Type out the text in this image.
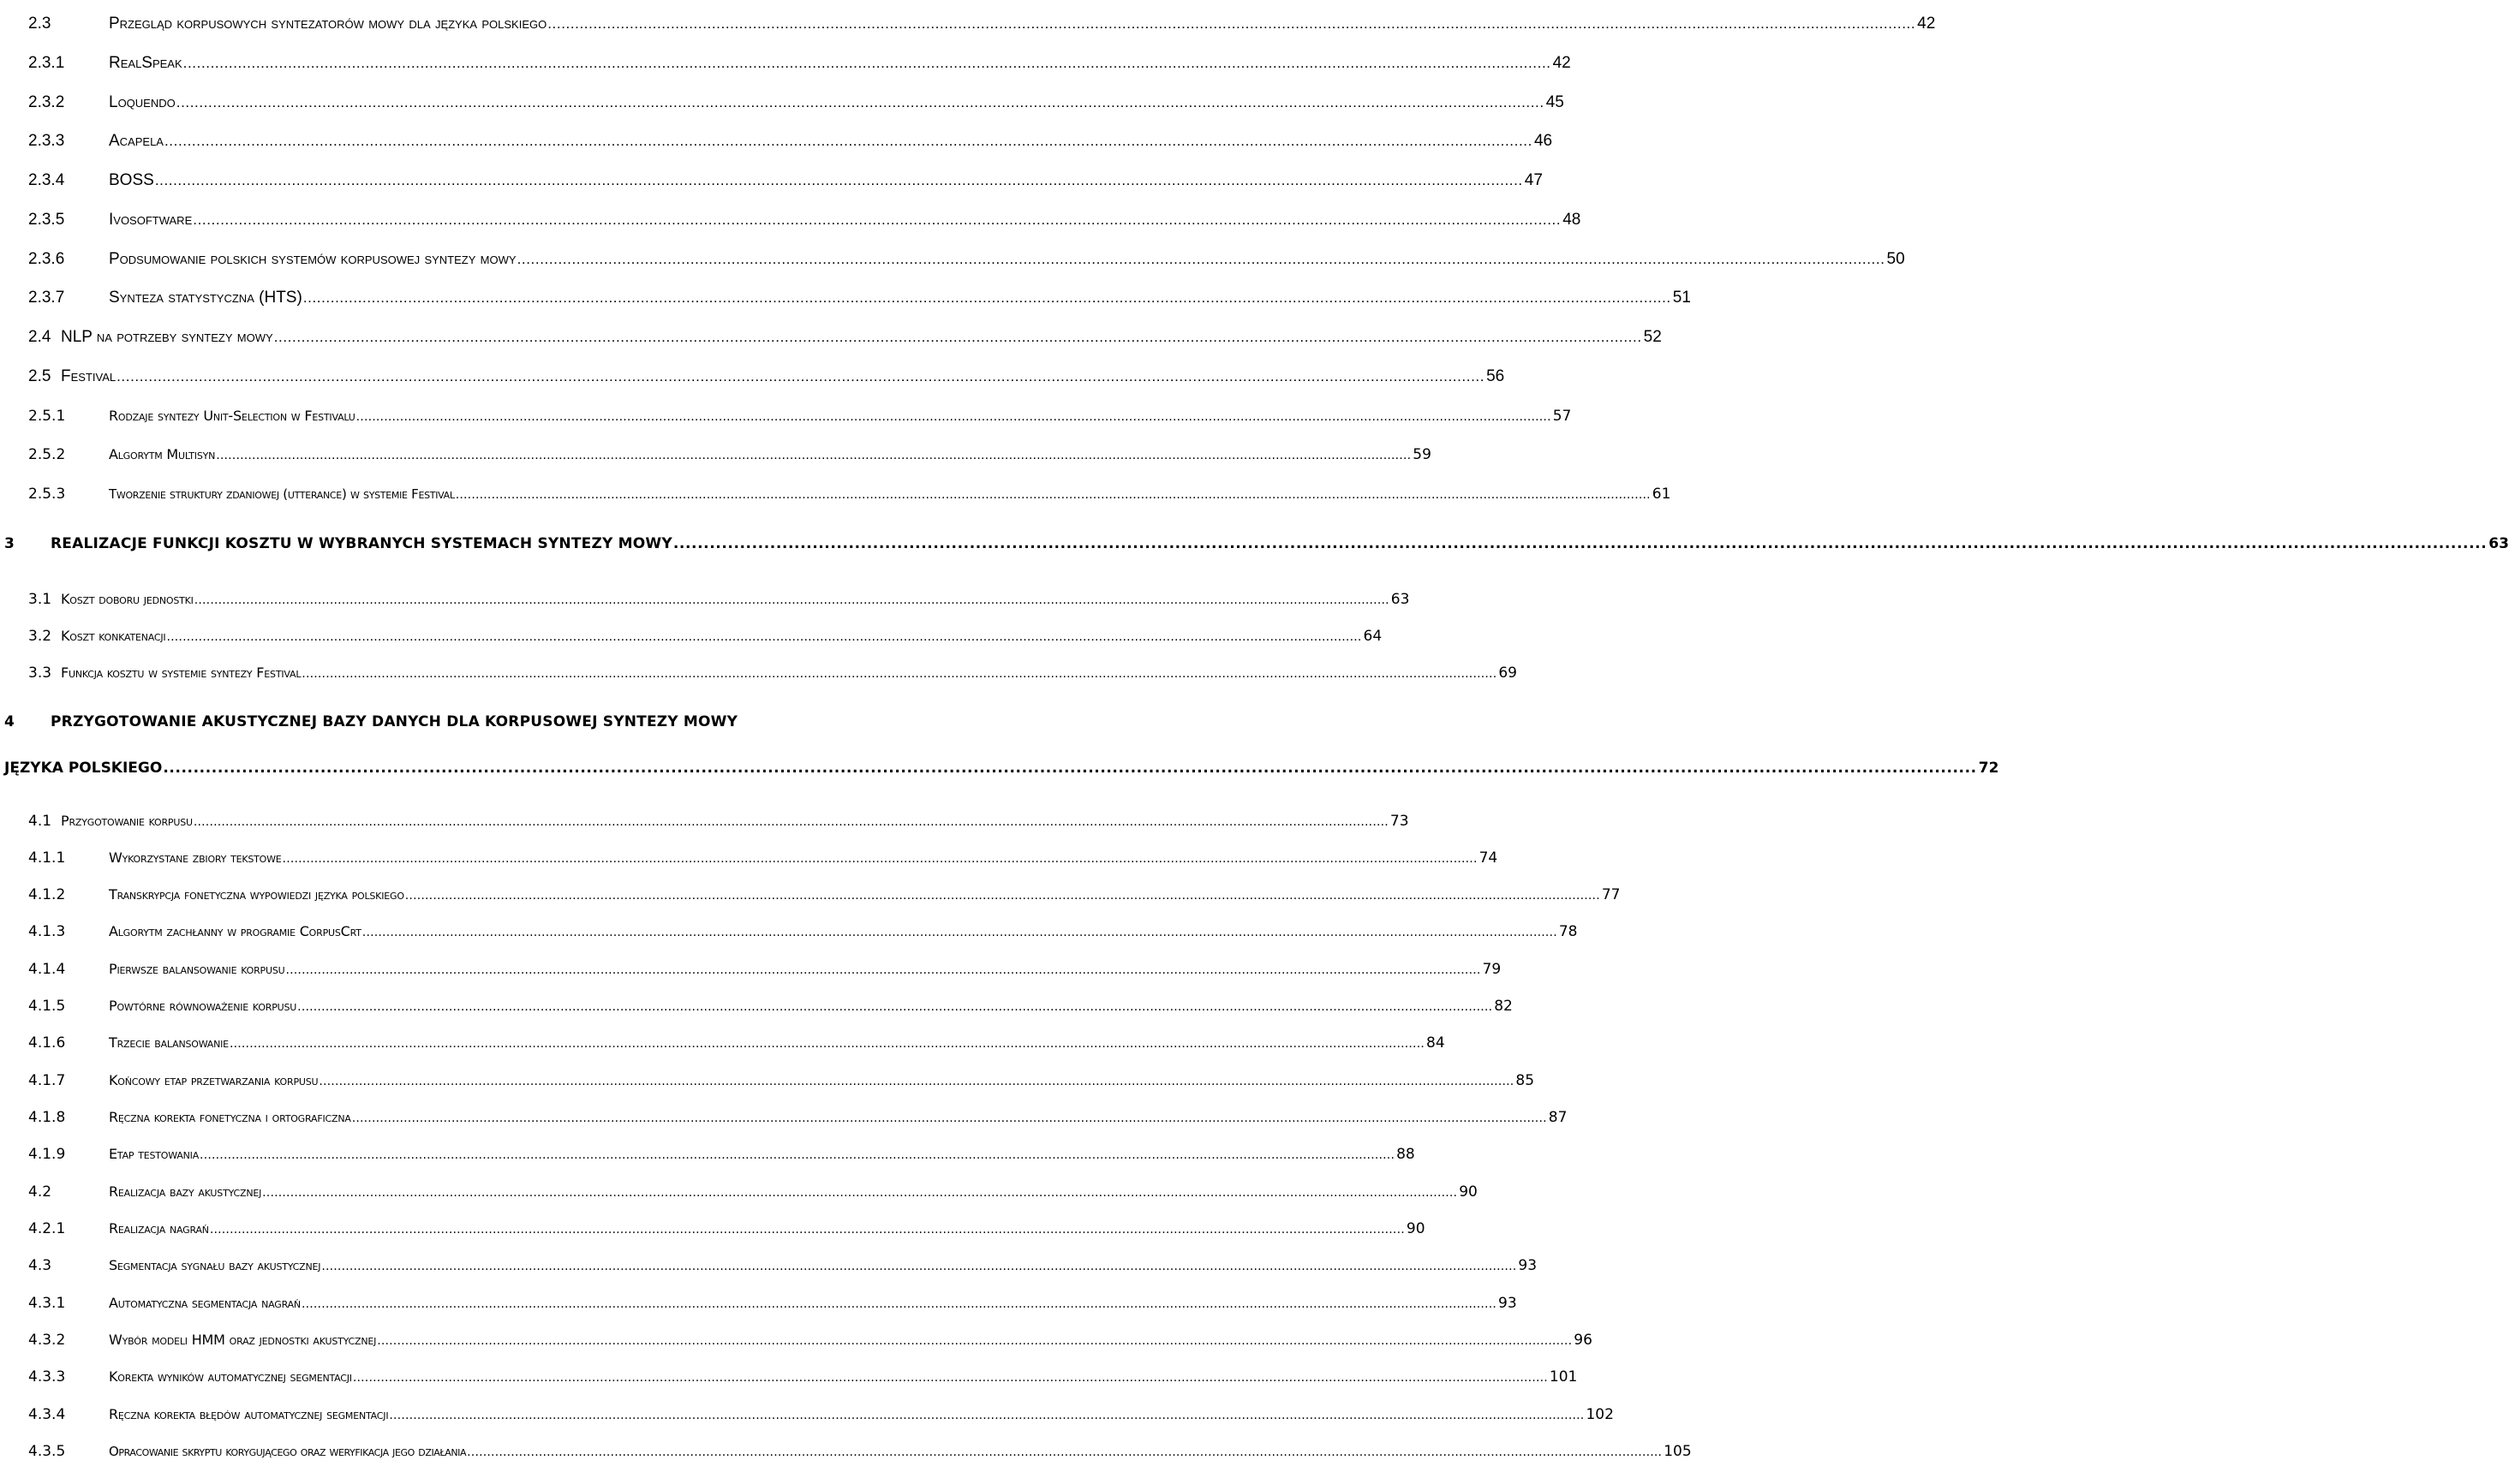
2.3	Przegląd korpusowych syntezatorów mowy dla języka polskiego ............................................................................................................................................................................................................................................................................................................ 42
2.3.1	RealSpeak ............................................................................................................................................................................................................................................................................................................ 42
2.3.2	Loquendo ............................................................................................................................................................................................................................................................................................................ 45
2.3.3	Acapela ............................................................................................................................................................................................................................................................................................................ 46
2.3.4	BOSS ............................................................................................................................................................................................................................................................................................................ 47
2.3.5	Ivosoftware ............................................................................................................................................................................................................................................................................................................ 48
2.3.6	Podsumowanie polskich systemów korpusowej syntezy mowy ............................................................................................................................................................................................................................................................................................................ 50
2.3.7	Synteza statystyczna (HTS) ............................................................................................................................................................................................................................................................................................................ 51
2.4 NLP na potrzeby syntezy mowy ............................................................................................................................................................................................................................................................................................................ 52
2.5 Festival ............................................................................................................................................................................................................................................................................................................ 56
2.5.1	Rodzaje syntezy Unit-Selection w Festivalu ............................................................................................................................................................................................................................................................................................................ 57
2.5.2	Algorytm Multisyn ............................................................................................................................................................................................................................................................................................................ 59
2.5.3	Tworzenie struktury zdaniowej (utterance) w systemie Festival ............................................................................................................................................................................................................................................................................................................ 61
3 REALIZACJE FUNKCJI KOSZTU W WYBRANYCH SYSTEMACH SYNTEZY MOWY ............................................................................................................................................................................................................................................................................................................ 63
3.1 Koszt doboru jednostki ............................................................................................................................................................................................................................................................................................................ 63
3.2 Koszt konkatenacji ............................................................................................................................................................................................................................................................................................................ 64
3.3 Funkcja kosztu w systemie syntezy Festival ............................................................................................................................................................................................................................................................................................................ 69
4 PRZYGOTOWANIE AKUSTYCZNEJ BAZY DANYCH DLA KORPUSOWEJ SYNTEZY MOWY
JĘZYKA POLSKIEGO ............................................................................................................................................................................................................................................................................................................ 72
4.1 Przygotowanie korpusu ............................................................................................................................................................................................................................................................................................................ 73
4.1.1	Wykorzystane zbiory tekstowe ............................................................................................................................................................................................................................................................................................................ 74
4.1.2	Transkrypcja fonetyczna wypowiedzi języka polskiego ............................................................................................................................................................................................................................................................................................................ 77
4.1.3	Algorytm zachłanny w programie CorpusCrt ............................................................................................................................................................................................................................................................................................................ 78
4.1.4	Pierwsze balansowanie korpusu ............................................................................................................................................................................................................................................................................................................ 79
4.1.5	Powtórne równoważenie korpusu ............................................................................................................................................................................................................................................................................................................ 82
4.1.6	Trzecie balansowanie ............................................................................................................................................................................................................................................................................................................ 84
4.1.7	Końcowy etap przetwarzania korpusu ............................................................................................................................................................................................................................................................................................................ 85
4.1.8	Ręczna korekta fonetyczna i ortograficzna ............................................................................................................................................................................................................................................................................................................ 87
4.1.9	Etap testowania ............................................................................................................................................................................................................................................................................................................ 88
4.2	Realizacja bazy akustycznej ............................................................................................................................................................................................................................................................................................................ 90
4.2.1	Realizacja nagrań ............................................................................................................................................................................................................................................................................................................ 90
4.3	Segmentacja sygnału bazy akustycznej ............................................................................................................................................................................................................................................................................................................ 93
4.3.1	Automatyczna segmentacja nagrań ............................................................................................................................................................................................................................................................................................................ 93
4.3.2	Wybór modeli HMM oraz jednostki akustycznej ............................................................................................................................................................................................................................................................................................................ 96
4.3.3	Korekta wyników automatycznej segmentacji ............................................................................................................................................................................................................................................................................................................ 101
4.3.4	Ręczna korekta błędów automatycznej segmentacji ............................................................................................................................................................................................................................................................................................................ 102
4.3.5	Opracowanie skryptu korygującego oraz weryfikacja jego działania ............................................................................................................................................................................................................................................................................................................ 105
